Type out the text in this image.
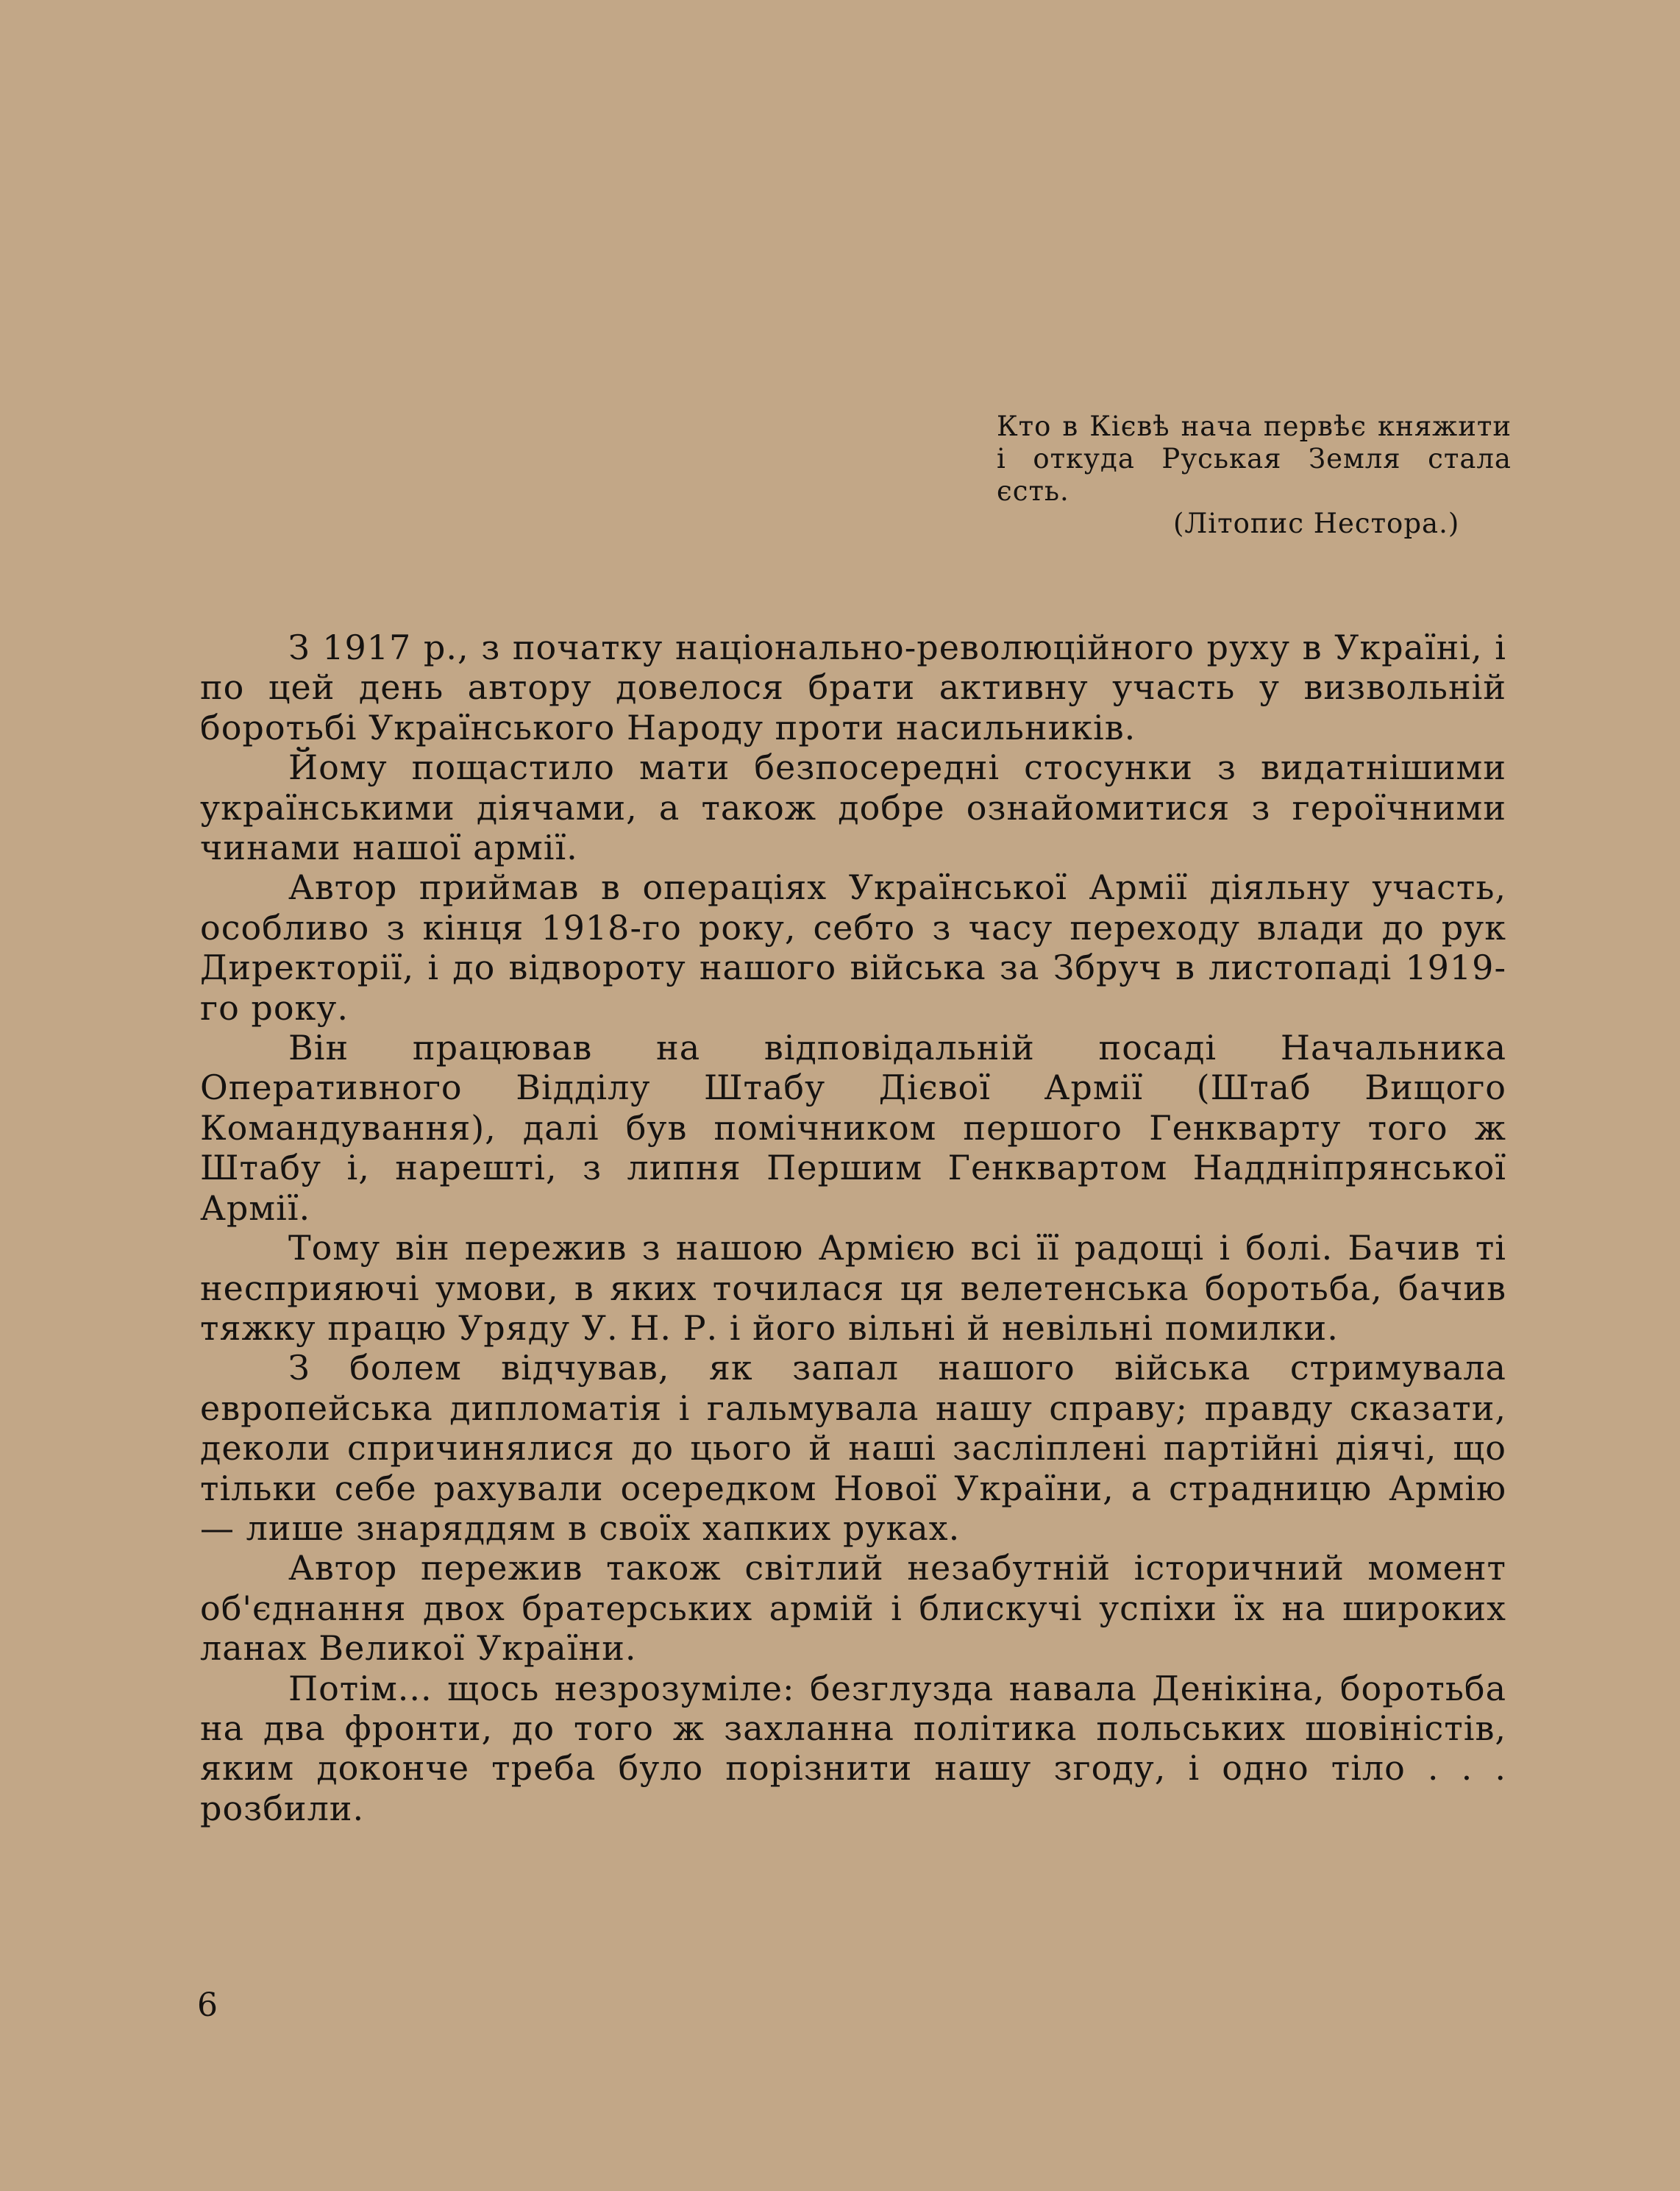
Кто в Кієвѣ нача первѣє княжити і откуда Руськая Земля стала єсть.

(Літопис Нестора.)

З 1917 р., з початку національно-революційного руху в Україні, і по цей день автору довелося брати активну участь у визвольній боротьбі Українського Народу проти насильників.

Йому пощастило мати безпосередні стосунки з видатнішими українськими діячами, а також добре ознайомитися з героїчними чинами нашої армії.

Автор приймав в операціях Української Армії діяльну участь, особливо з кінця 1918-го року, себто з часу переходу влади до рук Директорії, і до відвороту нашого війська за Збруч в листопаді 1919-го року.

Він працював на відповідальній посаді Начальника Оперативного Відділу Штабу Дієвої Армії (Штаб Вищого Командування), далі був помічником першого Генкварту того ж Штабу і, нарешті, з липня Першим Генквартом Наддніпрянської Армії.

Тому він пережив з нашою Армією всі її радощі і болі. Бачив ті несприяючі умови, в яких точилася ця велетенська боротьба, бачив тяжку працю Уряду У. Н. Р. і його вільні й невільні помилки.

З болем відчував, як запал нашого війська стримувала европейська дипломатія і гальмувала нашу справу; правду сказати, деколи спричинялися до цього й наші засліплені партійні діячі, що тільки себе рахували осередком Нової України, а страдницю Армію — лише знаряддям в своїх хапких руках.

Автор пережив також світлий незабутній історичний момент об'єднання двох братерських армій і блискучі успіхи їх на широких ланах Великої України.

Потім... щось незрозуміле: безглузда навала Денікіна, боротьба на два фронти, до того ж захланна політика польських шовіністів, яким доконче треба було порізнити нашу згоду, і одно тіло . . . розбили.

6
